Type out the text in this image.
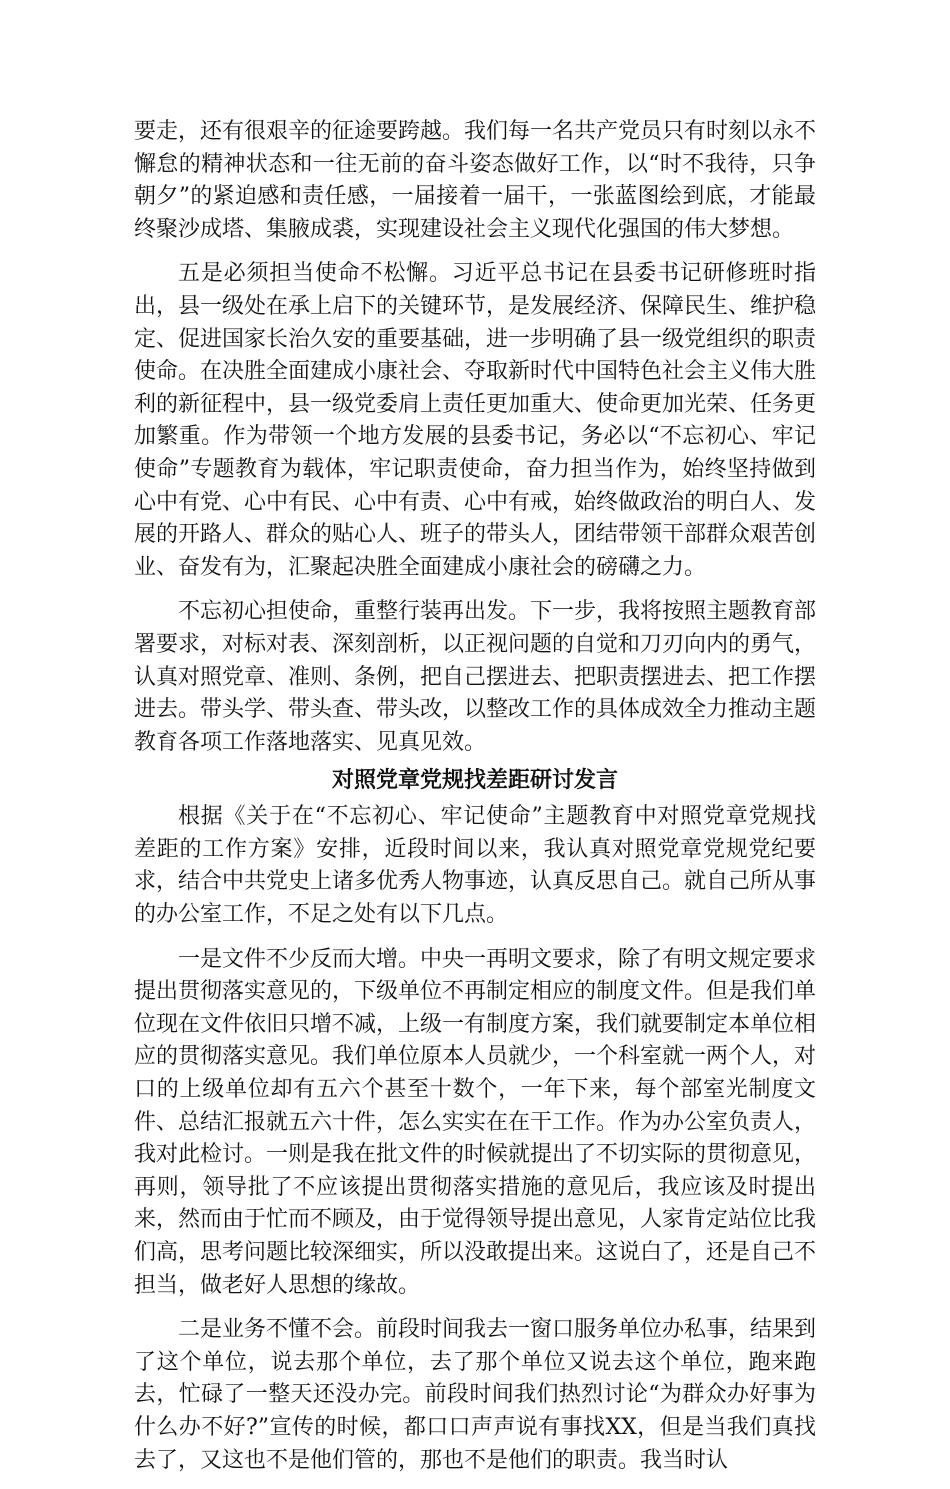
要走，还有很艰辛的征途要跨越。我们每一名共产党员只有时刻以永不懈怠的精神状态和一往无前的奋斗姿态做好工作，以“时不我待，只争朝夕”的紧迫感和责任感，一届接着一届干，一张蓝图绘到底，才能最终聚沙成塔、集腋成裘，实现建设社会主义现代化强国的伟大梦想。

五是必须担当使命不松懈。习近平总书记在县委书记研修班时指出，县一级处在承上启下的关键环节，是发展经济、保障民生、维护稳定、促进国家长治久安的重要基础，进一步明确了县一级党组织的职责使命。在决胜全面建成小康社会、夺取新时代中国特色社会主义伟大胜利的新征程中，县一级党委肩上责任更加重大、使命更加光荣、任务更加繁重。作为带领一个地方发展的县委书记，务必以“不忘初心、牢记使命”专题教育为载体，牢记职责使命，奋力担当作为，始终坚持做到心中有党、心中有民、心中有责、心中有戒，始终做政治的明白人、发展的开路人、群众的贴心人、班子的带头人，团结带领干部群众艰苦创业、奋发有为，汇聚起决胜全面建成小康社会的磅礴之力。

不忘初心担使命，重整行装再出发。下一步，我将按照主题教育部署要求，对标对表、深刻剖析，以正视问题的自觉和刀刃向内的勇气，认真对照党章、准则、条例，把自己摆进去、把职责摆进去、把工作摆进去。带头学、带头查、带头改，以整改工作的具体成效全力推动主题教育各项工作落地落实、见真见效。

对照党章党规找差距研讨发言

根据《关于在“不忘初心、牢记使命”主题教育中对照党章党规找差距的工作方案》安排，近段时间以来，我认真对照党章党规党纪要求，结合中共党史上诸多优秀人物事迹，认真反思自己。就自己所从事的办公室工作，不足之处有以下几点。

一是文件不少反而大增。中央一再明文要求，除了有明文规定要求提出贯彻落实意见的，下级单位不再制定相应的制度文件。但是我们单位现在文件依旧只增不减，上级一有制度方案，我们就要制定本单位相应的贯彻落实意见。我们单位原本人员就少，一个科室就一两个人，对口的上级单位却有五六个甚至十数个，一年下来，每个部室光制度文件、总结汇报就五六十件，怎么实实在在干工作。作为办公室负责人，我对此检讨。一则是我在批文件的时候就提出了不切实际的贯彻意见，再则，领导批了不应该提出贯彻落实措施的意见后，我应该及时提出来，然而由于忙而不顾及，由于觉得领导提出意见，人家肯定站位比我们高，思考问题比较深细实，所以没敢提出来。这说白了，还是自己不担当，做老好人思想的缘故。

二是业务不懂不会。前段时间我去一窗口服务单位办私事，结果到了这个单位，说去那个单位，去了那个单位又说去这个单位，跑来跑去，忙碌了一整天还没办完。前段时间我们热烈讨论“为群众办好事为什么办不好?”宣传的时候，都口口声声说有事找XX，但是当我们真找去了，又这也不是他们管的，那也不是他们的职责。我当时认
